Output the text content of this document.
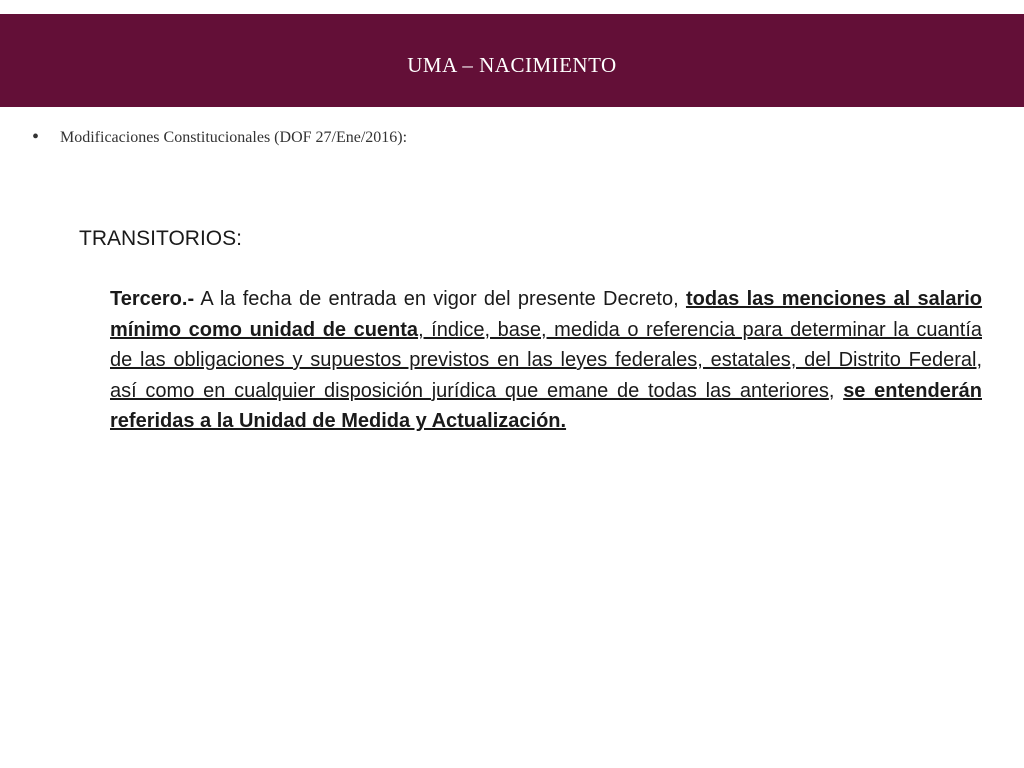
UMA – NACIMIENTO
•	Modificaciones Constitucionales (DOF 27/Ene/2016):
TRANSITORIOS:
Tercero.- A la fecha de entrada en vigor del presente Decreto, todas las menciones al salario mínimo como unidad de cuenta, índice, base, medida o referencia para determinar la cuantía de las obligaciones y supuestos previstos en las leyes federales, estatales, del Distrito Federal, así como en cualquier disposición jurídica que emane de todas las anteriores, se entenderán referidas a la Unidad de Medida y Actualización.
